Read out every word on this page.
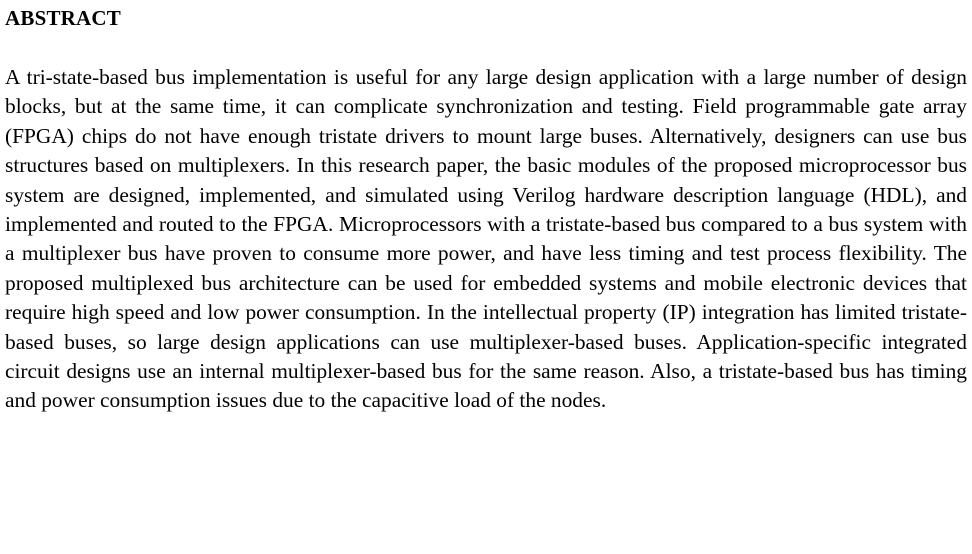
ABSTRACT

A tri-state-based bus implementation is useful for any large design application with a large number of design blocks, but at the same time, it can complicate synchronization and testing. Field programmable gate array (FPGA) chips do not have enough tristate drivers to mount large buses. Alternatively, designers can use bus structures based on multiplexers. In this research paper, the basic modules of the proposed microprocessor bus system are designed, implemented, and simulated using Verilog hardware description language (HDL), and implemented and routed to the FPGA. Microprocessors with a tristate-based bus compared to a bus system with a multiplexer bus have proven to consume more power, and have less timing and test process flexibility. The proposed multiplexed bus architecture can be used for embedded systems and mobile electronic devices that require high speed and low power consumption. In the intellectual property (IP) integration has limited tristate-based buses, so large design applications can use multiplexer-based buses. Application-specific integrated circuit designs use an internal multiplexer-based bus for the same reason. Also, a tristate-based bus has timing and power consumption issues due to the capacitive load of the nodes.
